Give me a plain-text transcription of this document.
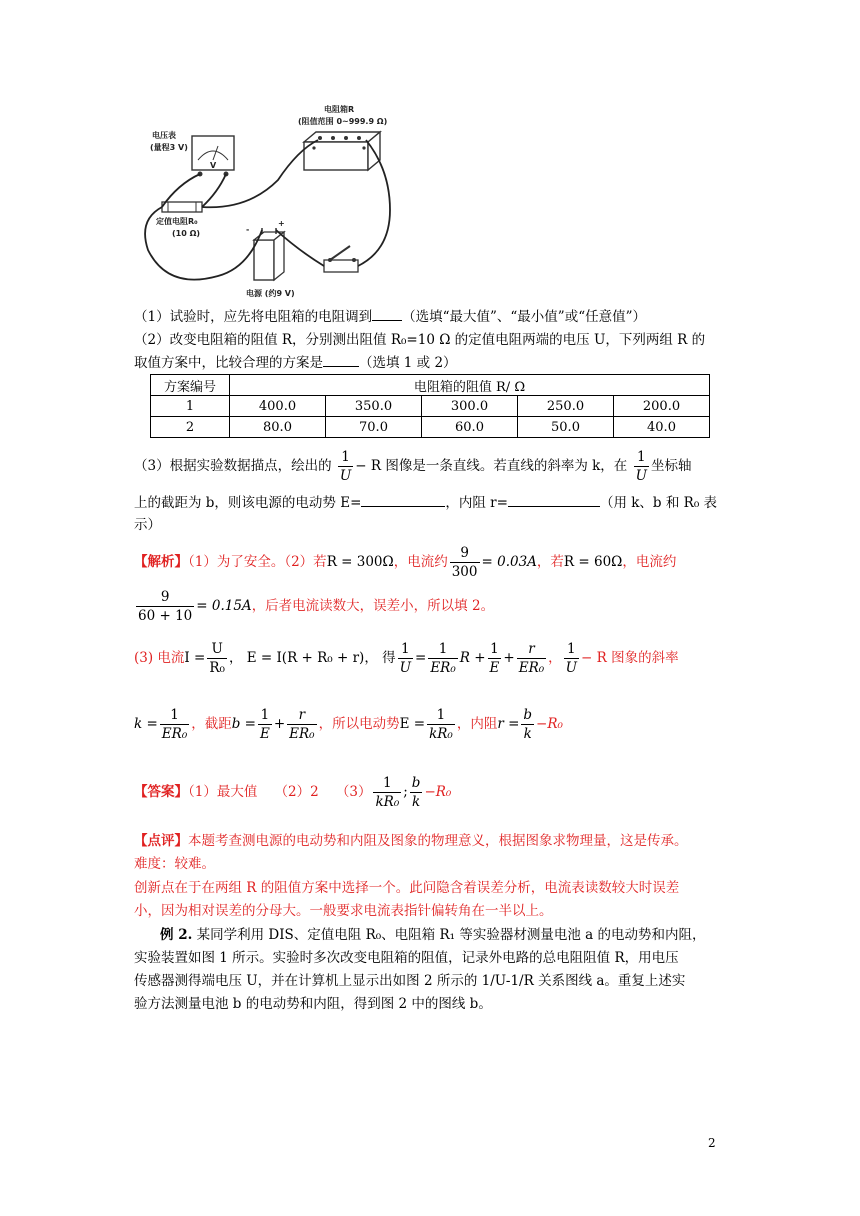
V
电压表
(量程3 V)
电阻箱R
(阻值范围 0~999.9 Ω)
定值电阻R₀
(10 Ω)	-
+
电源 (约9 V)
（1）试验时，应先将电阻箱的电阻调到 （选填“最大值”、“最小值”或“任意值”）
（2）改变电阻箱的阻值 R，分别测出阻值 R₀=10 Ω 的定值电阻两端的电压 U，下列两组 R 的
取值方案中，比较合理的方案是	（选填 1 或 2）
方案编号	电阻箱的阻值 R/ Ω				
1	400.0	350.0	300.0	250.0	200.0
2	80.0	70.0	60.0	50.0	40.0
（3）根据实验数据描点，绘出的 $\frac{1}{U} - R$ 图像是一条直线。若直线的斜率为 k，在 $\frac{1}{U}$ 坐标轴
上的截距为 b，则该电源的电动势 E=	，内阻 r=	（用 k、b 和 R₀ 表
示）
【解析】（1）为了安全。（2）若R = 300Ω，电流约 $\frac{9}{300} = 0.03A$，若R = 60Ω，电流约
$\frac{9}{60 + 10} = 0.15A$，后者电流读数大，误差小，所以填 2。
(3) 电流$I = \frac{U}{\text{R₀}}$ ， E = I(R + R₀ + r)， 得 $\frac{1}{U} = \frac{1}{\text{ER₀}}$ $R + \frac{1}{E} + \frac{r}{\text{ER₀}}$ ， $\frac{1}{U} - R$ 图象的斜率
$k = \frac{1}{\text{ER₀}}$ ，截距$b = \frac{1}{E} + \frac{r}{\text{ER₀}}$ ，所以电动势$E = \frac{1}{\text{kR₀}}$ ，内阻$r = \frac{b}{k} -R_0$
【答案】（1）最大值 （2）2 $(3) \frac{1}{\text{kR₀}}$ ; $\frac{b}{k} -R_0$
【点评】本题考查测电源的电动势和内阻及图象的物理意义，根据图象求物理量，这是传承。
难度：较难。
创新点在于在两组 R 的阻值方案中选择一个。此问隐含着误差分析，电流表读数较大时误差
小，因为相对误差的分母大。一般要求电流表指针偏转角在一半以上。
例 2. 某同学利用 DIS、定值电阻 R₀、电阻箱 R₁ 等实验器材测量电池 a 的电动势和内阻，
实验装置如图 1 所示。实验时多次改变电阻箱的阻值，记录外电路的总电阻阻值 R，用电压
传感器测得端电压 U，并在计算机上显示出如图 2 所示的 1/U-1/R 关系图线 a。重复上述实
验方法测量电池 b 的电动势和内阻，得到图 2 中的图线 b。
2
